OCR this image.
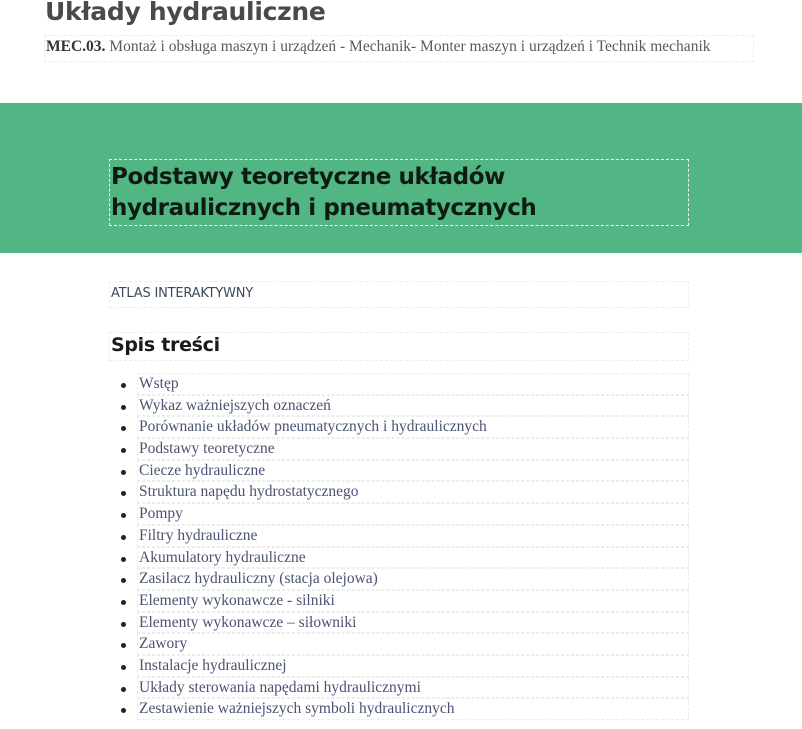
Układy hydrauliczne
MEC.03. Montaż i obsługa maszyn i urządzeń - Mechanik- Monter maszyn i urządzeń i Technik mechanik
Podstawy teoretyczne układów hydraulicznych i pneumatycznych
ATLAS INTERAKTYWNY
Spis treści
Wstęp
Wykaz ważniejszych oznaczeń
Porównanie układów pneumatycznych i hydraulicznych
Podstawy teoretyczne
Ciecze hydrauliczne
Struktura napędu hydrostatycznego
Pompy
Filtry hydrauliczne
Akumulatory hydrauliczne
Zasilacz hydrauliczny (stacja olejowa)
Elementy wykonawcze - silniki
Elementy wykonawcze – siłowniki
Zawory
Instalacje hydraulicznej
Układy sterowania napędami hydraulicznymi
Zestawienie ważniejszych symboli hydraulicznych
